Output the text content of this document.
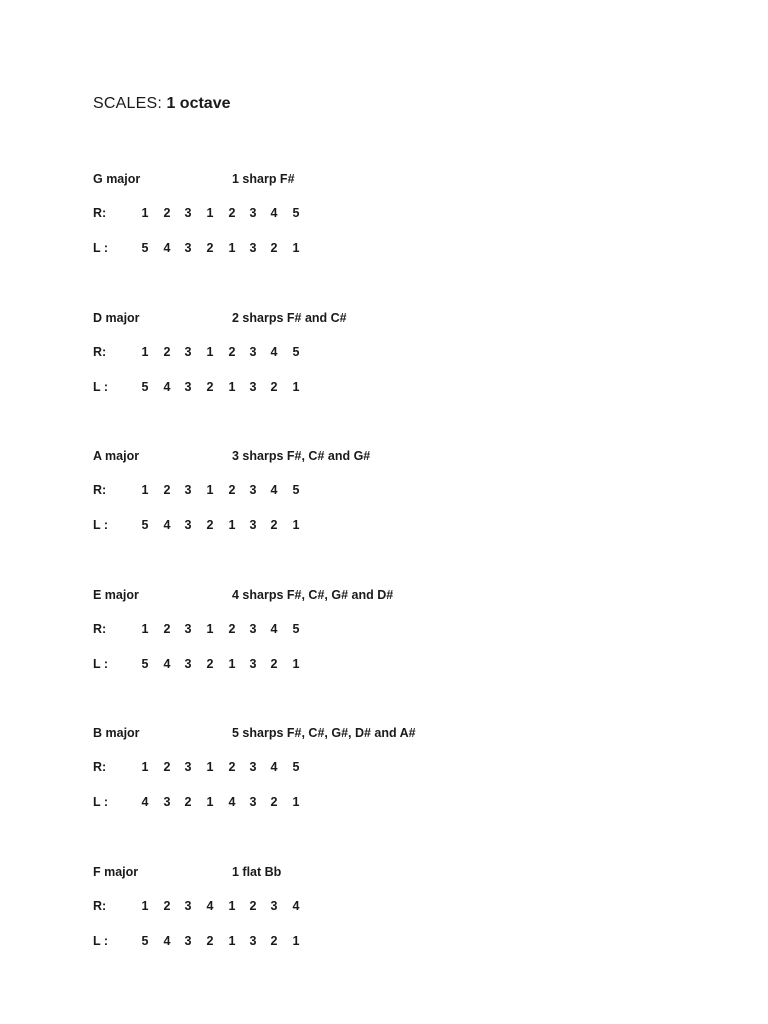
SCALES: 1 octave
G major	1 sharp F#
R:	1 2 3 1 2 3 4 5
L :	5 4 3 2 1 3 2 1
D major	2 sharps F# and C#
R:	1 2 3 1 2 3 4 5
L :	5 4 3 2 1 3 2 1
A major	3 sharps F#, C# and G#
R:	1 2 3 1 2 3 4 5
L :	5 4 3 2 1 3 2 1
E major	4 sharps F#, C#, G# and D#
R:	1 2 3 1 2 3 4 5
L :	5 4 3 2 1 3 2 1
B major	5 sharps F#, C#, G#, D# and A#
R:	1 2 3 1 2 3 4 5
L :	4 3 2 1 4 3 2 1
F major	1 flat Bb
R:	1 2 3 4 1 2 3 4
L :	5 4 3 2 1 3 2 1
